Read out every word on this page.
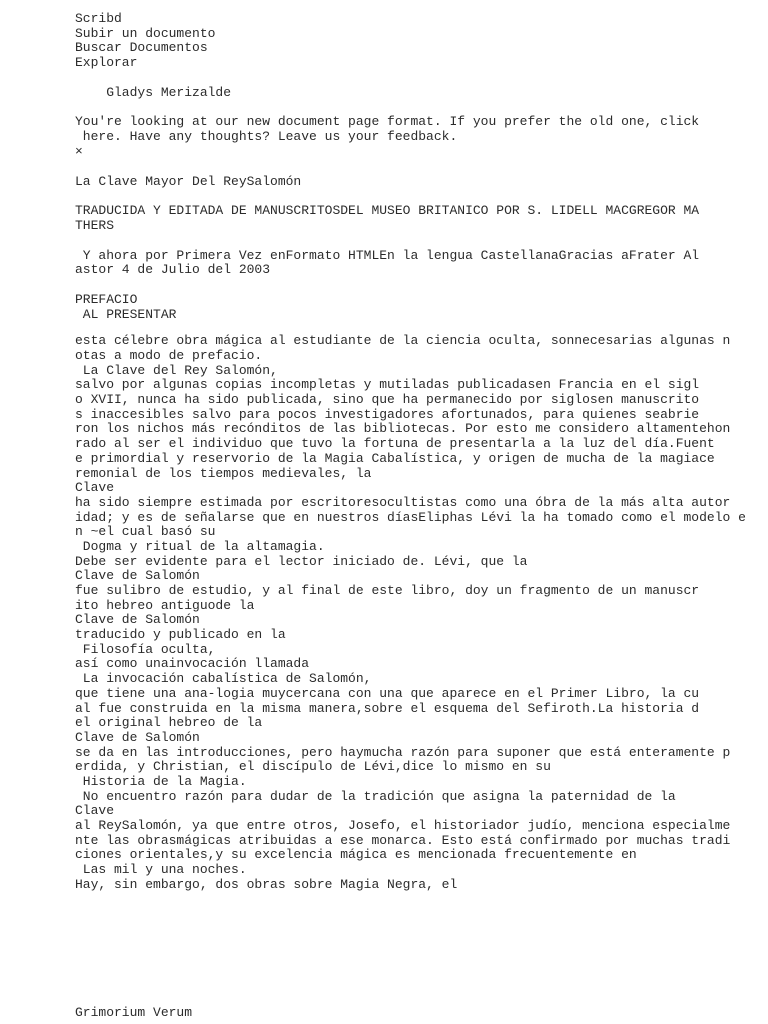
Scribd
Subir un documento
Buscar Documentos
Explorar
Gladys Merizalde
You're looking at our new document page format. If you prefer the old one, click
here. Have any thoughts? Leave us your feedback.
×
La Clave Mayor Del ReySalomón
TRADUCIDA Y EDITADA DE MANUSCRITOSDEL MUSEO BRITANICO POR S. LIDELL MACGREGOR MA
THERS
Y ahora por Primera Vez enFormato HTMLEn la lengua CastellanaGracias aFrater Al
astor 4 de Julio del 2003
PREFACIO
AL PRESENTAR
esta célebre obra mágica al estudiante de la ciencia oculta, sonnecesarias algunas n
otas a modo de prefacio.
La Clave del Rey Salomón,
salvo por algunas copias incompletas y mutiladas publicadasen Francia en el sigl
o XVII, nunca ha sido publicada, sino que ha permanecido por siglosen manuscrito
s inaccesibles salvo para pocos investigadores afortunados, para quienes seabrie
ron los nichos más recónditos de las bibliotecas. Por esto me considero altamentehon
rado al ser el individuo que tuvo la fortuna de presentarla a la luz del día.Fuent
e primordial y reservorio de la Magia Cabalística, y origen de mucha de la magiace
remonial de los tiempos medievales, la
Clave
ha sido siempre estimada por escritoresocultistas como una óbra de la más alta autor
idad; y es de señalarse que en nuestros díasEliphas Lévi la ha tomado como el modelo e
n ~el cual basó su
Dogma y ritual de la altamagia.
Debe ser evidente para el lector iniciado de. Lévi, que la
Clave de Salomón
fue sulibro de estudio, y al final de este libro, doy un fragmento de un manuscr
ito hebreo antiguode la
Clave de Salomón
traducido y publicado en la
Filosofía oculta,
así como unainvocación llamada
La invocación cabalística de Salomón,
que tiene una ana-logia muycercana con una que aparece en el Primer Libro, la cu
al fue construida en la misma manera,sobre el esquema del Sefiroth.La historia d
el original hebreo de la
Clave de Salomón
se da en las introducciones, pero haymucha razón para suponer que está enteramente p
erdida, y Christian, el discípulo de Lévi,dice lo mismo en su
Historia de la Magia.
No encuentro razón para dudar de la tradición que asigna la paternidad de la
Clave
al ReySalomón, ya que entre otros, Josefo, el historiador judío, menciona especialme
nte las obrasmágicas atribuidas a ese monarca. Esto está confirmado por muchas tradi
ciones orientales,y su excelencia mágica es mencionada frecuentemente en
Las mil y una noches.
Hay, sin embargo, dos obras sobre Magia Negra, el
Grimorium Verum
